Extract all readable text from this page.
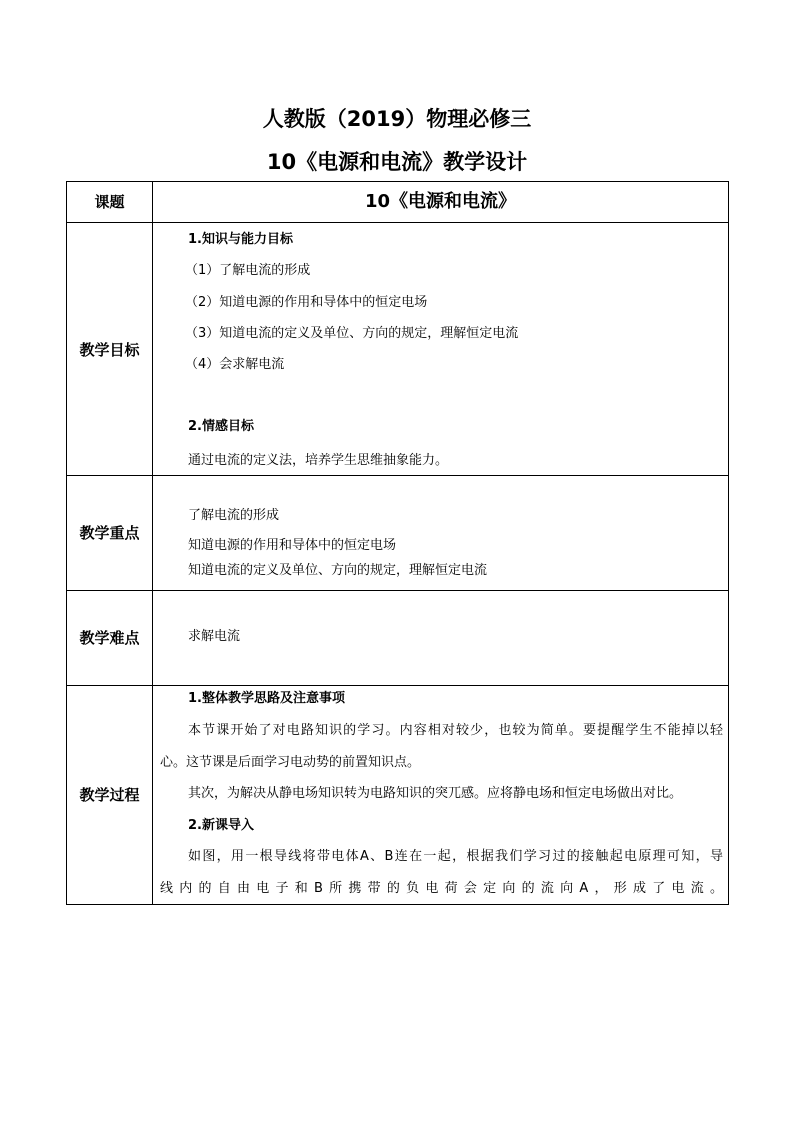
人教版（2019）物理必修三
10《电源和电流》教学设计
课题	10《电源和电流》
教学目标
1.知识与能力目标
（1）了解电流的形成
（2）知道电源的作用和导体中的恒定电场
（3）知道电流的定义及单位、方向的规定，理解恒定电流
（4）会求解电流
2.情感目标
通过电流的定义法，培养学生思维抽象能力。
教学重点
了解电流的形成
知道电源的作用和导体中的恒定电场
知道电流的定义及单位、方向的规定，理解恒定电流
教学难点	求解电流
教学过程
1.整体教学思路及注意事项
本节课开始了对电路知识的学习。内容相对较少，也较为简单。要提醒学生不能掉以轻
心。这节课是后面学习电动势的前置知识点。
其次，为解决从静电场知识转为电路知识的突兀感。应将静电场和恒定电场做出对比。
2.新课导入
如图，用一根导线将带电体A、B连在一起，根据我们学习过的接触起电原理可知，导
线内的自由电子和B所携带的负电荷会定向的流向A，形成了电流。
